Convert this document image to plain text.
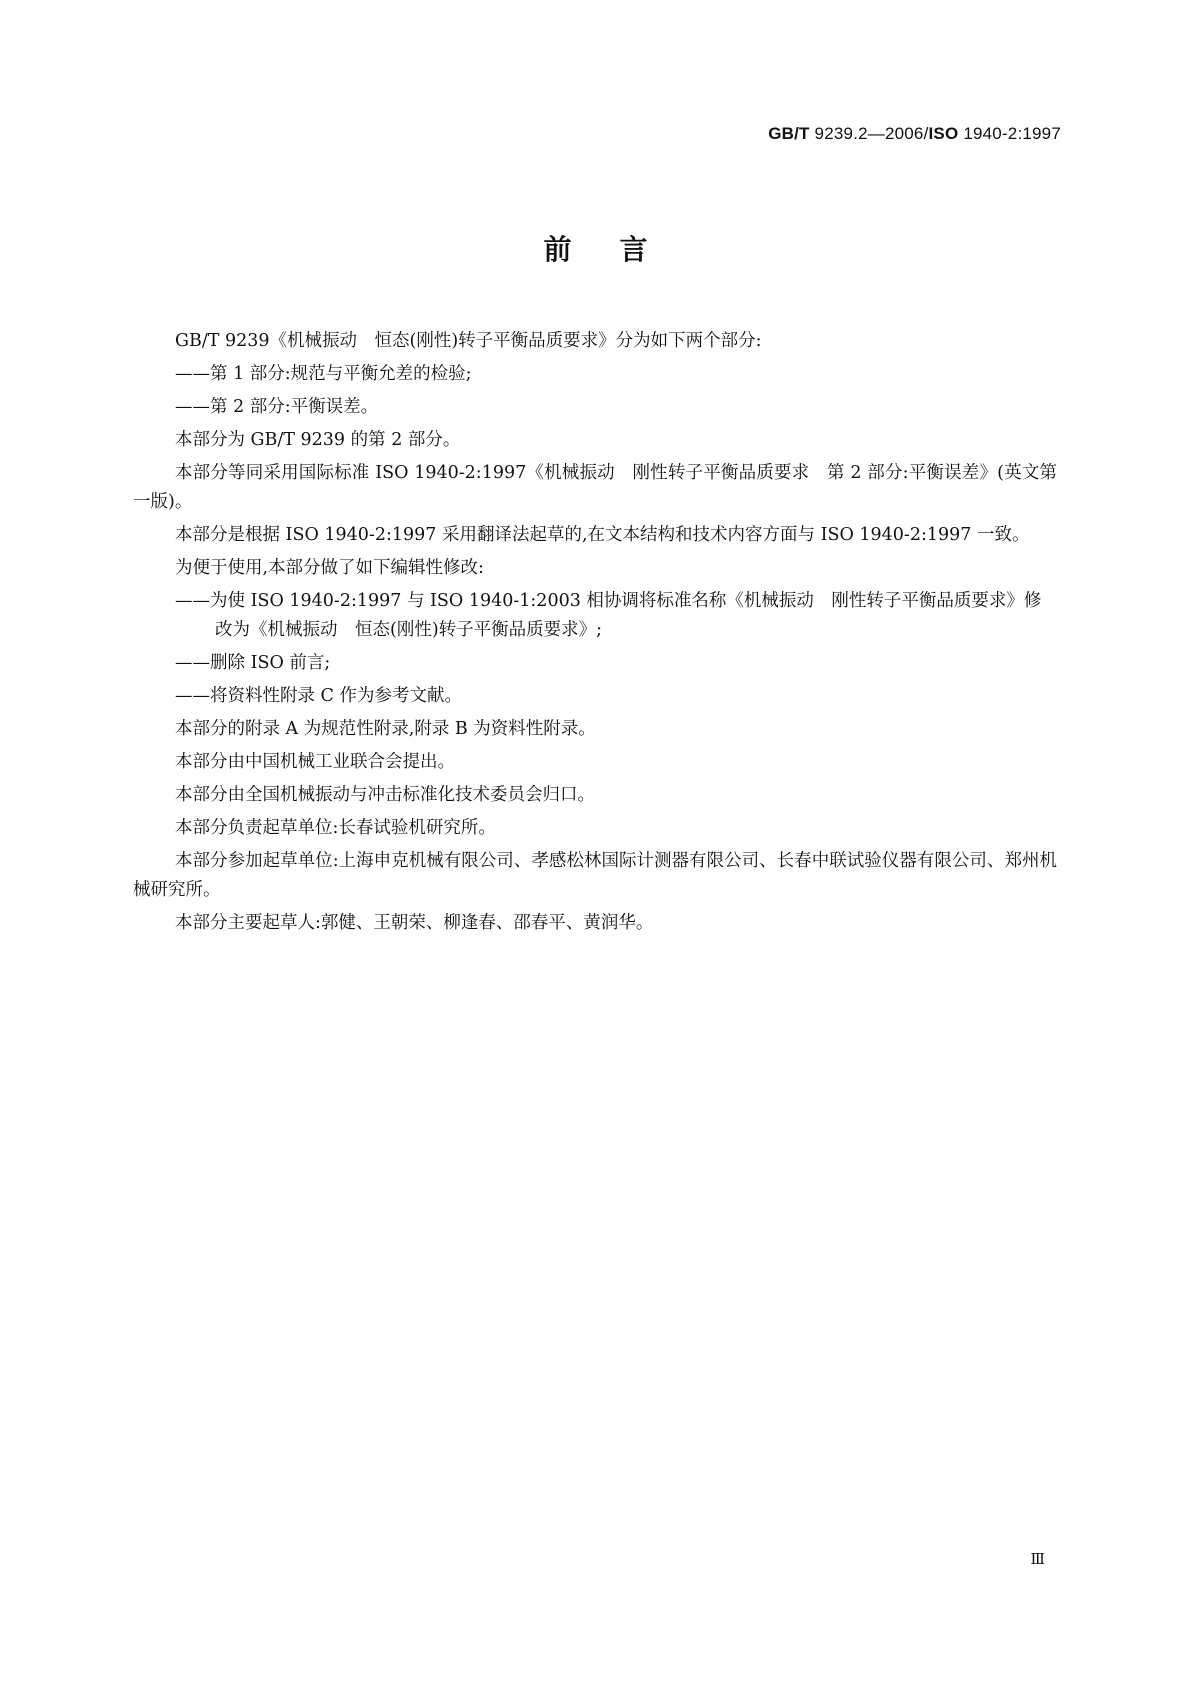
GB/T 9239.2—2006/ISO 1940-2:1997
前言

GB/T 9239《机械振动　恒态(刚性)转子平衡品质要求》分为如下两个部分:

——第 1 部分:规范与平衡允差的检验;

——第 2 部分:平衡误差。

本部分为 GB/T 9239 的第 2 部分。

本部分等同采用国际标准 ISO 1940-2:1997《机械振动　刚性转子平衡品质要求　第 2 部分:平衡误差》(英文第一版)。

本部分是根据 ISO 1940-2:1997 采用翻译法起草的,在文本结构和技术内容方面与 ISO 1940-2:1997 一致。

为便于使用,本部分做了如下编辑性修改:

——为使 ISO 1940-2:1997 与 ISO 1940-1:2003 相协调将标准名称《机械振动　刚性转子平衡品质要求》修改为《机械振动　恒态(刚性)转子平衡品质要求》;

——删除 ISO 前言;

——将资料性附录 C 作为参考文献。

本部分的附录 A 为规范性附录,附录 B 为资料性附录。

本部分由中国机械工业联合会提出。

本部分由全国机械振动与冲击标准化技术委员会归口。

本部分负责起草单位:长春试验机研究所。

本部分参加起草单位:上海申克机械有限公司、孝感松林国际计测器有限公司、长春中联试验仪器有限公司、郑州机械研究所。

本部分主要起草人:郭健、王朝荣、柳逢春、邵春平、黄润华。

Ⅲ
